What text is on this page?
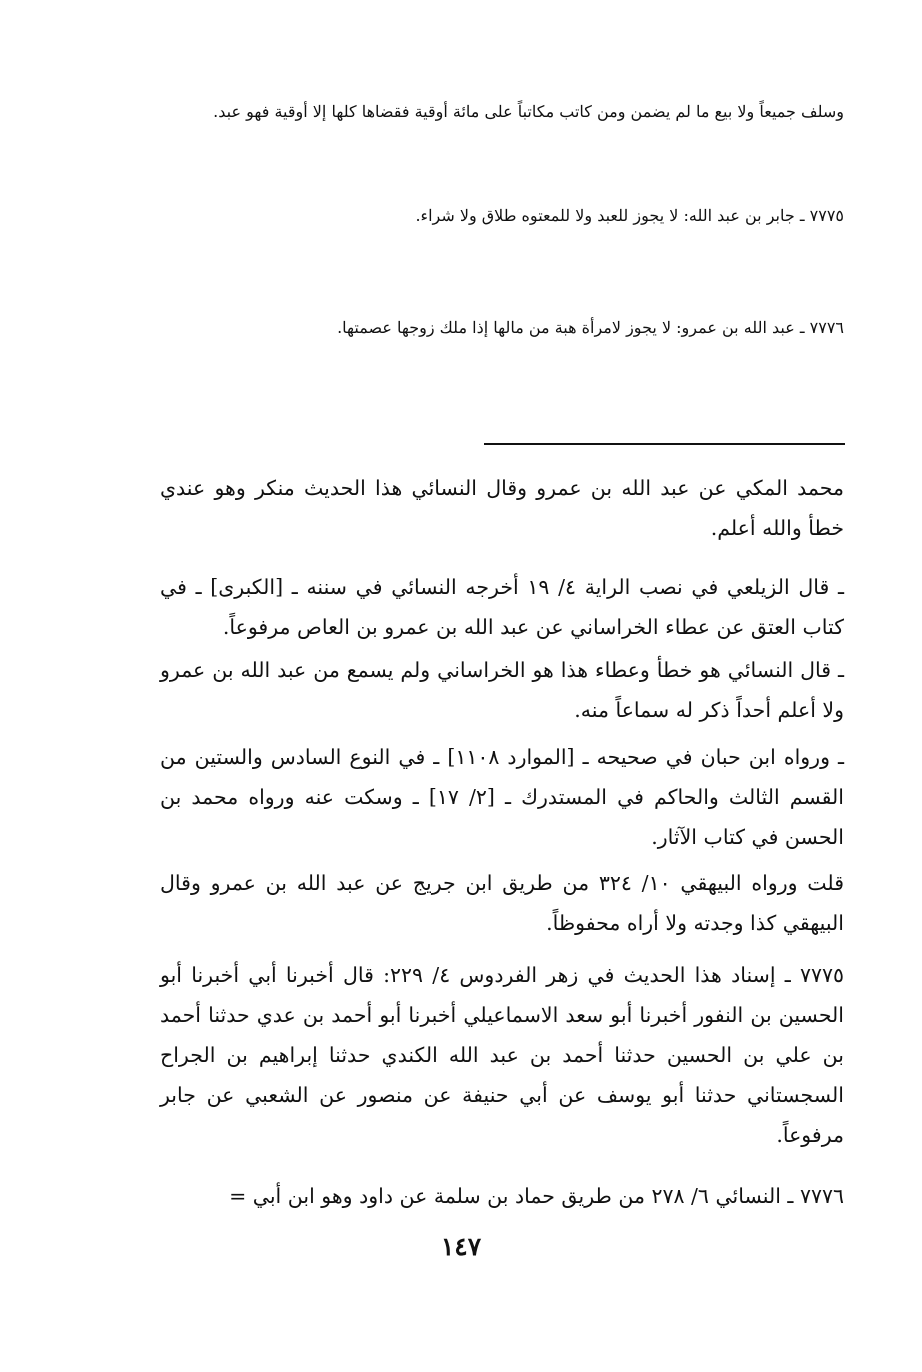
وسلف جميعاً ولا بيع ما لم يضمن ومن كاتب مكاتباً على مائة أوقية فقضاها كلها إلا أوقية فهو عبد.
٧٧٧٥ ـ جابر بن عبد الله: لا يجوز للعبد ولا للمعتوه طلاق ولا شراء.
٧٧٧٦ ـ عبد الله بن عمرو: لا يجوز لامرأة هبة من مالها إذا ملك زوجها عصمتها.
محمد المكي عن عبد الله بن عمرو وقال النسائي هذا الحديث منكر وهو عندي خطأ والله أعلم.
ـ قال الزيلعي في نصب الراية ٤/ ١٩ أخرجه النسائي في سننه ـ [الكبرى] ـ في كتاب العتق عن عطاء الخراساني عن عبد الله بن عمرو بن العاص مرفوعاً.
ـ قال النسائي هو خطأ وعطاء هذا هو الخراساني ولم يسمع من عبد الله بن عمرو ولا أعلم أحداً ذكر له سماعاً منه.
ـ ورواه ابن حبان في صحيحه ـ [الموارد ١١٠٨] ـ في النوع السادس والستين من القسم الثالث والحاكم في المستدرك ـ [٢/ ١٧] ـ وسكت عنه ورواه محمد بن الحسن في كتاب الآثار.
قلت ورواه البيهقي ١٠/ ٣٢٤ من طريق ابن جريج عن عبد الله بن عمرو وقال البيهقي كذا وجدته ولا أراه محفوظاً.
٧٧٧٥ ـ إسناد هذا الحديث في زهر الفردوس ٤/ ٢٢٩: قال أخبرنا أبي أخبرنا أبو الحسين بن النفور أخبرنا أبو سعد الاسماعيلي أخبرنا أبو أحمد بن عدي حدثنا أحمد بن علي بن الحسين حدثنا أحمد بن عبد الله الكندي حدثنا إبراهيم بن الجراح السجستاني حدثنا أبو يوسف عن أبي حنيفة عن منصور عن الشعبي عن جابر مرفوعاً.
٧٧٧٦ ـ النسائي ٦/ ٢٧٨ من طريق حماد بن سلمة عن داود وهو ابن أبي =
١٤٧
